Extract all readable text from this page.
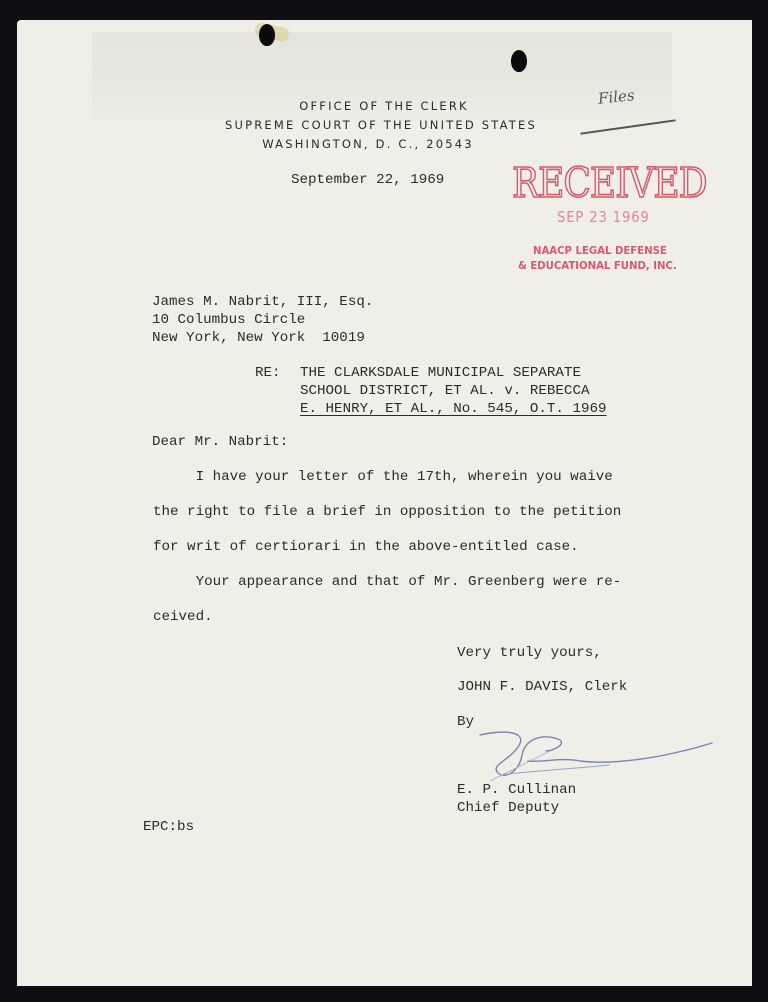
OFFICE OF THE CLERK
SUPREME COURT OF THE UNITED STATES
WASHINGTON, D. C., 20543
Files
September 22, 1969 RECEIVED
SEP 23 1969
NAACP LEGAL DEFENSE
& EDUCATIONAL FUND, INC.
James M. Nabrit, III, Esq.
10 Columbus Circle
New York, New York  10019
RE: THE CLARKSDALE MUNICIPAL SEPARATE
SCHOOL DISTRICT, ET AL. v. REBECCA
E. HENRY, ET AL., No. 545, O.T. 1969
Dear Mr. Nabrit:
I have your letter of the 17th, wherein you waive
the right to file a brief in opposition to the petition
for writ of certiorari in the above-entitled case.
Your appearance and that of Mr. Greenberg were re-
ceived.
Very truly yours,
JOHN F. DAVIS, Clerk
By
E. P. Cullinan
Chief Deputy
EPC:bs
